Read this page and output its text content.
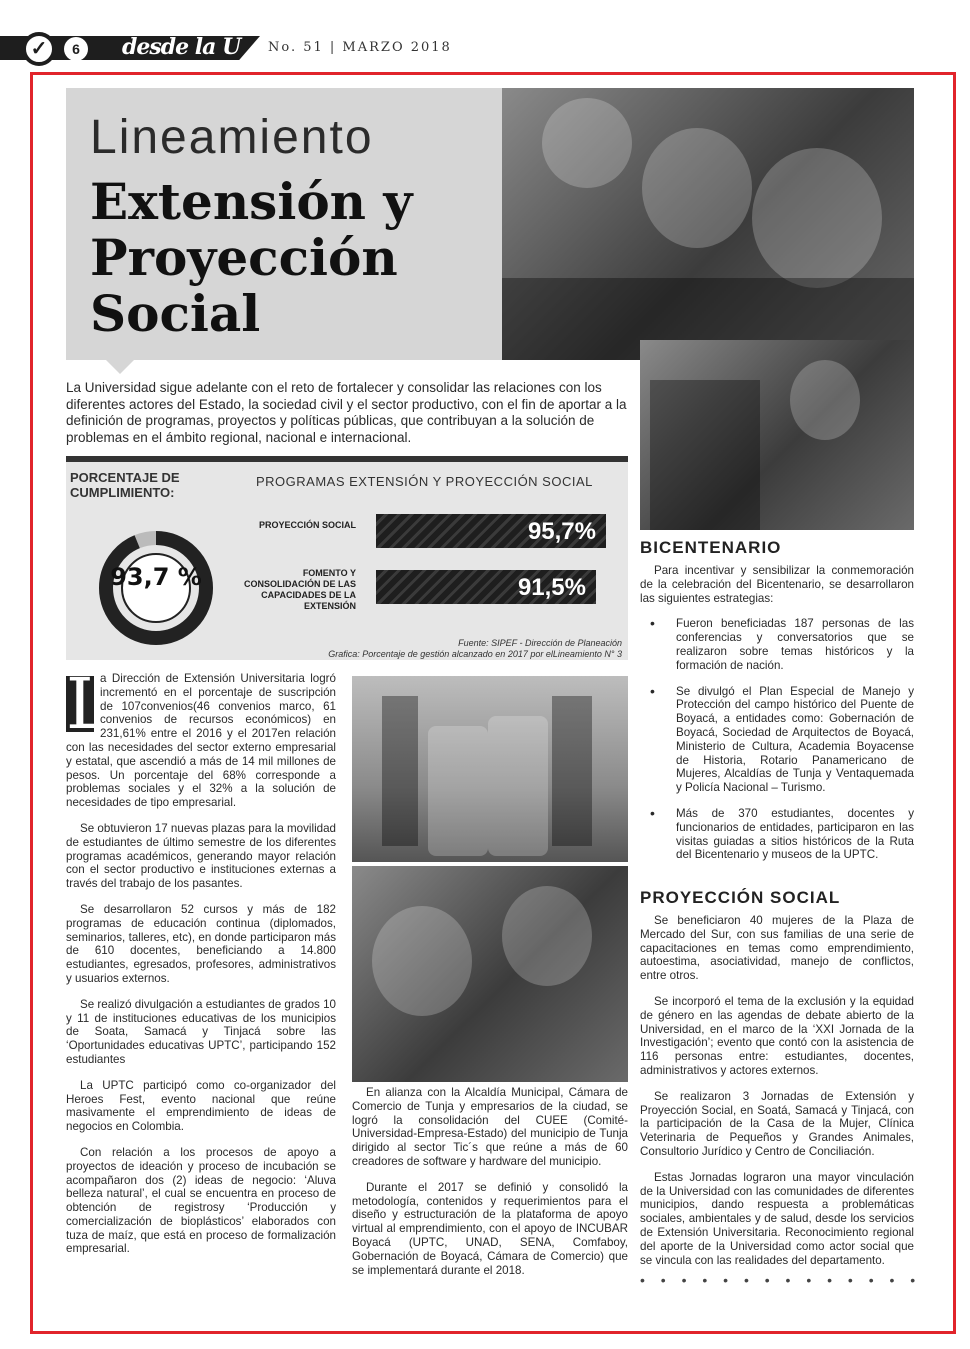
✓	6	desde la U No. 51 | MARZO 2018
Lineamiento
Extensión y Proyección Social
La Universidad sigue adelante con el reto de fortalecer y consolidar las relaciones con los diferentes actores del Estado, la sociedad civil y el sector productivo, con el fin de aportar a la definición de programas, proyectos y políticas públicas, que contribuyan a la solución de problemas en el ámbito regional, nacional e internacional.
PORCENTAJE DE CUMPLIMIENTO:
PROGRAMAS EXTENSIÓN Y PROYECCIÓN SOCIAL
93,7 %
PROYECCIÓN SOCIAL	95,7%
FOMENTO Y CONSOLIDACIÓN DE LAS CAPACIDADES DE LA EXTENSIÓN
91,5%
Fuente: SIPEF - Dirección de Planeación
Grafica: Porcentaje de gestión alcanzado en 2017 por elLineamiento N° 3

L
a Dirección de Extensión Universitaria logró incrementó en el porcentaje de suscripción de 107convenios(46 convenios marco, 61 convenios de recursos económicos) en 231,61% entre el 2016 y el 2017en relación con las necesidades del sector externo empresarial y estatal, que ascendió a más de 14 mil millones de pesos. Un porcentaje del 68% corresponde a problemas sociales y el 32% a la solución de necesidades de tipo empresarial.

Se obtuvieron 17 nuevas plazas para la movilidad de estudiantes de último semestre de los diferentes programas académicos, generando mayor relación con el sector productivo e instituciones externas a través del trabajo de los pasantes.

Se desarrollaron 52 cursos y más de 182 programas de educación continua (diplomados, seminarios, talleres, etc), en donde participaron más de 610 docentes, beneficiando a 14.800 estudiantes, egresados, profesores, administrativos y usuarios externos.

Se realizó divulgación a estudiantes de grados 10 y 11 de instituciones educativas de los municipios de Soata, Samacá y Tinjacá sobre las ‘Oportunidades educativas UPTC’, participando 152 estudiantes

La UPTC participó como co-organizador del Heroes Fest, evento nacional que reúne masivamente el emprendimiento de ideas de negocios en Colombia.

Con relación a los procesos de apoyo a proyectos de ideación y proceso de incubación se acompañaron dos (2) ideas de negocio: ‘Aluva belleza natural’, el cual se encuentra en proceso de obtención de registrosy ‘Producción y comercialización de bioplásticos’ elaborados con tuza de maíz, que está en proceso de formalización empresarial.

En alianza con la Alcaldía Municipal, Cámara de Comercio de Tunja y empresarios de la ciudad, se logró la consolidación del CUEE (Comité-Universidad-Empresa-Estado) del municipio de Tunja dirigido al sector Tic´s que reúne a más de 60 creadores de software y hardware del municipio.

Durante el 2017 se definió y consolidó la metodología, contenidos y requerimientos para el diseño y estructuración de la plataforma de apoyo virtual al emprendimiento, con el apoyo de INCUBAR Boyacá (UPTC, UNAD, SENA, Comfaboy, Gobernación de Boyacá, Cámara de Comercio) que se implementará durante el 2018.

BICENTENARIO

Para incentivar y sensibilizar la conmemoración de la celebración del Bicentenario, se desarrollaron las siguientes estrategias:

• Fueron beneficiadas 187 personas de las conferencias y conversatorios que se realizaron sobre temas históricos y la formación de nación.
• Se divulgó el Plan Especial de Manejo y Protección del campo histórico del Puente de Boyacá, a entidades como: Gobernación de Boyacá, Sociedad de Arquitectos de Boyacá, Ministerio de Cultura, Academia Boyacense de Historia, Rotario Panamericano de Mujeres, Alcaldías de Tunja y Ventaquemada y Policía Nacional – Turismo.
• Más de 370 estudiantes, docentes y funcionarios de entidades, participaron en las visitas guiadas a sitios históricos de la Ruta del Bicentenario y museos de la UPTC.
PROYECCIÓN SOCIAL

Se beneficiaron 40 mujeres de la Plaza de Mercado del Sur, con sus familias de una serie de capacitaciones en temas como emprendimiento, autoestima, asociatividad, manejo de conflictos, entre otros.

Se incorporó el tema de la exclusión y la equidad de género en las agendas de debate abierto de la Universidad, en el marco de la ‘XXI Jornada de la Investigación’; evento que contó con la asistencia de 116 personas entre: estudiantes, docentes, administrativos y actores externos.

Se realizaron 3 Jornadas de Extensión y Proyección Social, en Soatá, Samacá y Tinjacá, con la participación de la Casa de la Mujer, Clínica Veterinaria de Pequeños y Grandes Animales, Consultorio Jurídico y Centro de Conciliación.

Estas Jornadas lograron una mayor vinculación de la Universidad con las comunidades de diferentes municipios, dando respuesta a problemáticas sociales, ambientales y de salud, desde los servicios de Extensión Universitaria. Reconocimiento regional del aporte de la Universidad como actor social que se vincula con las realidades del departamento.

• • • • • • • • • • • • • •
